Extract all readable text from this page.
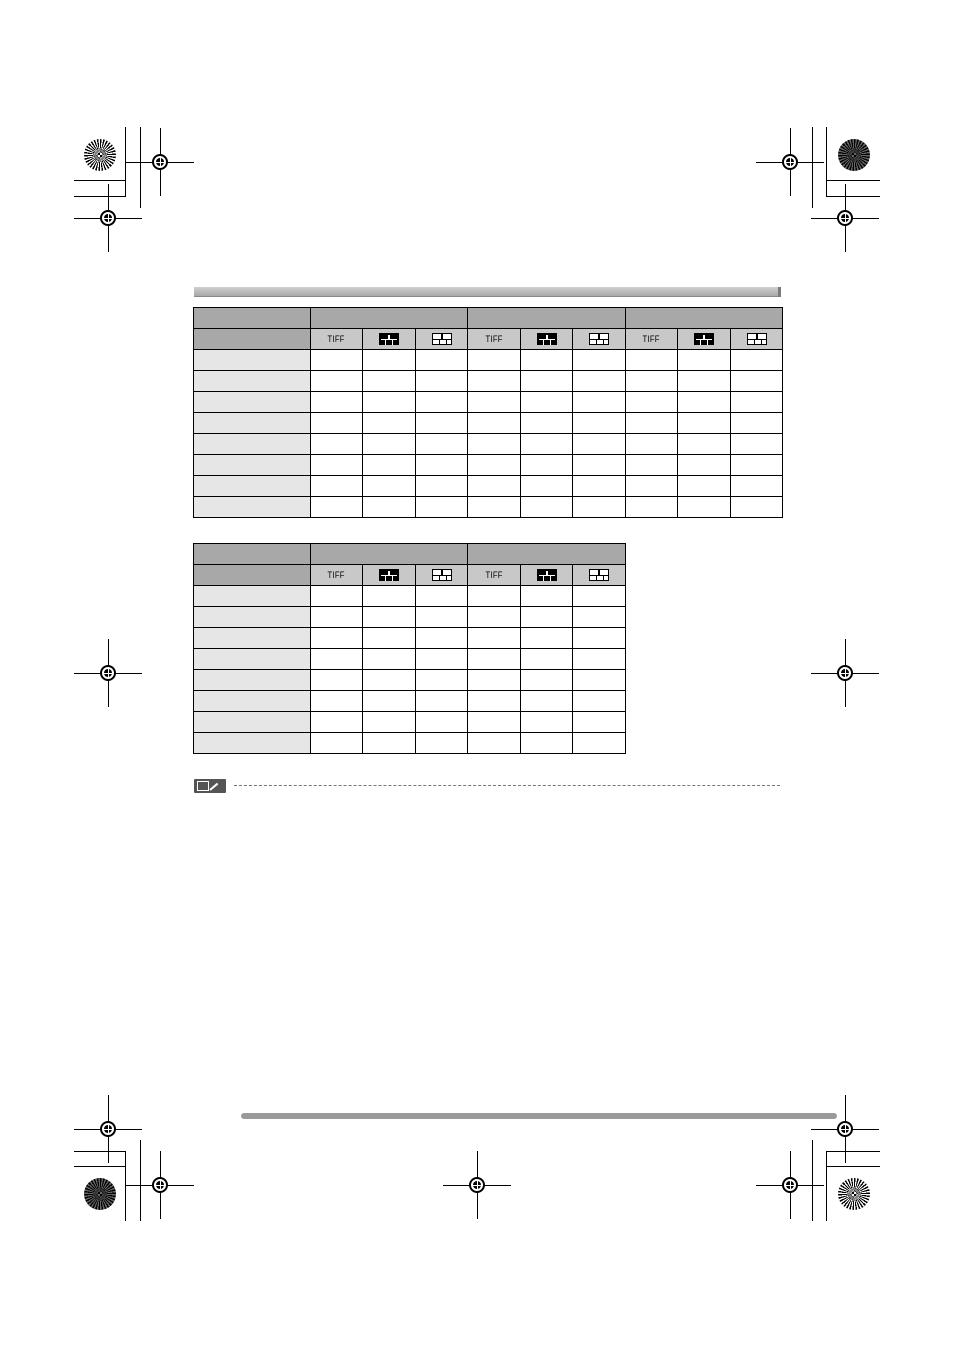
	TIFF			TIFF			TIFF	

	TIFF			TIFF	
